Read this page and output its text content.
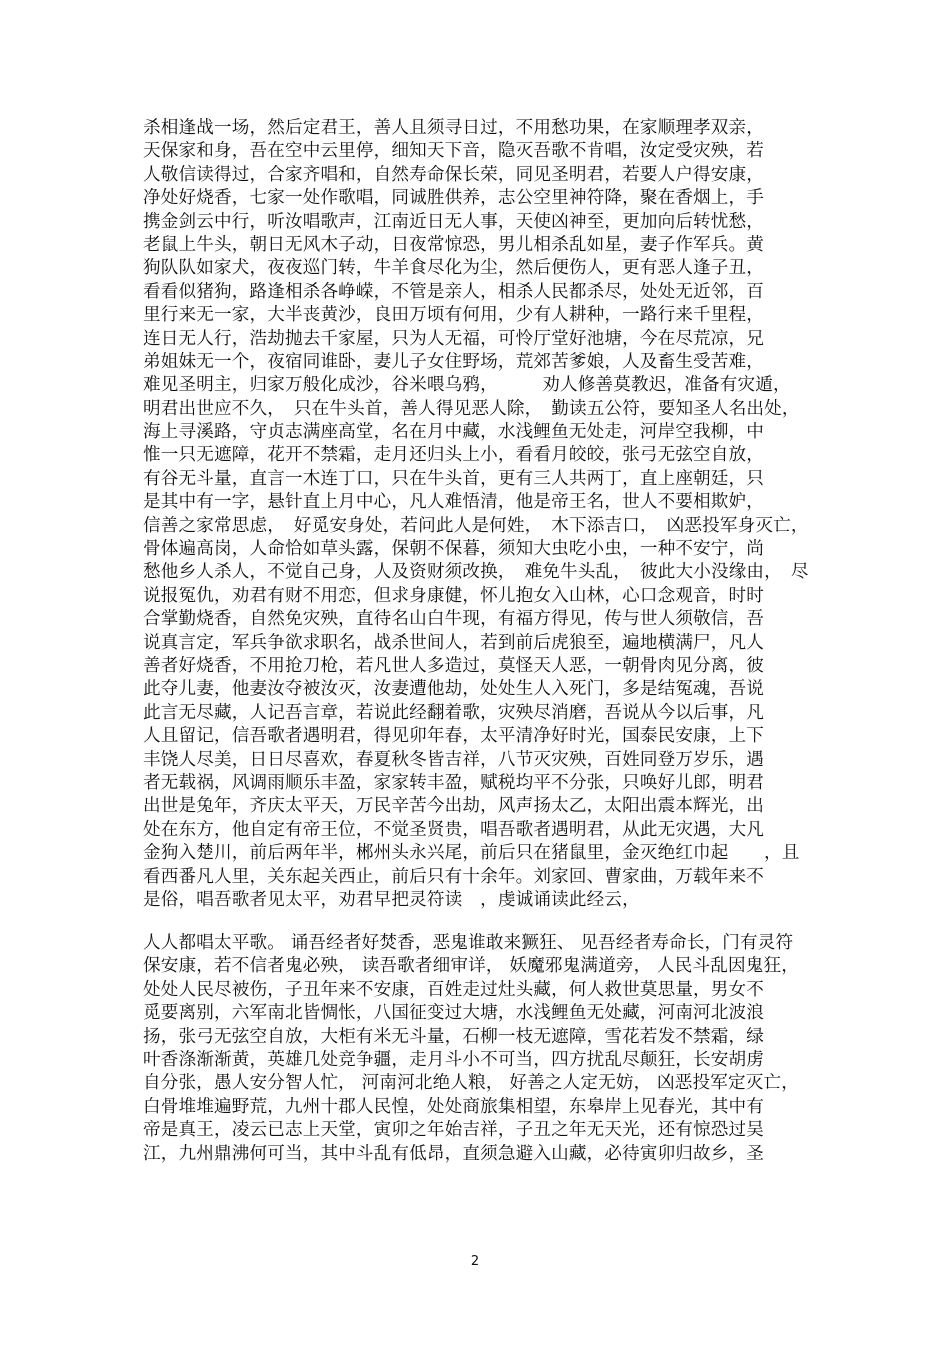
杀相逢战一场，然后定君王，善人且须寻日过，不用愁功果，在家顺理孝双亲，
天保家和身，吾在空中云里停，细知天下音，隐灭吾歌不肯唱，汝定受灾殃，若
人敬信读得过，合家齐唱和，自然寿命保长荣，同见圣明君，若要人户得安康，
净处好烧香，七家一处作歌唱，同诚胜供养，志公空里神符降，聚在香烟上，手
携金剑云中行，听汝唱歌声，江南近日无人事，天使凶神至，更加向后转忧愁，
老鼠上牛头，朝日无风木子动，日夜常惊恐，男儿相杀乱如星，妻子作军兵。黄
狗队队如家犬，夜夜巡门转，牛羊食尽化为尘，然后便伤人，更有恶人逢子丑，
看看似猪狗，路逢相杀各峥嵘，不管是亲人，相杀人民都杀尽，处处无近邻，百
里行来无一家，大半丧黄沙，良田万顷有何用，少有人耕种，一路行来千里程，
连日无人行，浩劫抛去千家屋，只为人无福，可怜厅堂好池塘，今在尽荒凉，兄
弟姐妹无一个，夜宿同谁卧，妻儿子女住野场，荒郊苦爹娘，人及畜生受苦难，
难见圣明主，归家万般化成沙，谷米喂乌鸦，　　　劝人修善莫教迟，准备有灾遁，
明君出世应不久，　只在牛头首，善人得见恶人除，　勤读五公符，要知圣人名出处，
海上寻溪路，守贞志满座高堂，名在月中藏，水浅鲤鱼无处走，河岸空我柳，中
惟一只无遮障，花开不禁霜，走月还归头上小，看看月皎皎，张弓无弦空自放，
有谷无斗量，直言一木连丁口，只在牛头首，更有三人共两丁，直上座朝廷，只
是其中有一字，悬针直上月中心，凡人难悟清，他是帝王名，世人不要相欺妒，
信善之家常思虑，　好觅安身处，若问此人是何姓，　木下添吉口，　凶恶投军身灭亡，
骨体遍高岗，人命恰如草头露，保朝不保暮，须知大虫吃小虫，一种不安宁，尚
愁他乡人杀人，不觉自己身，人及资财须改换，　难免牛头乱，　彼此大小没缘由，　尽
说报冤仇，劝君有财不用恋，但求身康健，怀儿抱女入山林，心口念观音，时时
合掌勤烧香，自然免灾殃，直待名山白牛现，有福方得见，传与世人须敬信，吾
说真言定，军兵争欲求职名，战杀世间人，若到前后虎狼至，遍地横满尸，凡人
善者好烧香，不用抢刀枪，若凡世人多造过，莫怪天人恶，一朝骨肉见分离，彼
此夺儿妻，他妻汝夺被汝灭，汝妻遭他劫，处处生人入死门，多是结冤魂，吾说
此言无尽藏，人记吾言章，若说此经翻着歌，灾殃尽消磨，吾说从今以后事，凡
人且留记，信吾歌者遇明君，得见卯年春，太平清净好时光，国泰民安康，上下
丰饶人尽美，日日尽喜欢，春夏秋冬皆吉祥，八节灭灾殃，百姓同登万岁乐，遇
者无载祸，风调雨顺乐丰盈，家家转丰盈，赋税均平不分张，只唤好儿郎，明君
出世是兔年，齐庆太平天，万民辛苦今出劫，风声扬太乙，太阳出震本辉光，出
处在东方，他自定有帝王位，不觉圣贤贵，唱吾歌者遇明君，从此无灾遇，大凡
金狗入楚川，前后两年半，郴州头永兴尾，前后只在猪鼠里，金灭绝红巾起　　，且
看西番凡人里，关东起关西止，前后只有十余年。刘家回、曹家曲，万载年来不
是俗，唱吾歌者见太平，劝君早把灵符读　，虔诚诵读此经云，
人人都唱太平歌。 诵吾经者好焚香，恶鬼谁敢来獗狂、 见吾经者寿命长，门有灵符
保安康，若不信者鬼必殃， 读吾歌者细审详， 妖魔邪鬼满道旁， 人民斗乱因鬼狂，
处处人民尽被伤，子丑年来不安康，百姓走过灶头藏，何人救世莫思量，男女不
觅要离别，六军南北皆惆怅，八国征变过大塘，水浅鲤鱼无处藏，河南河北波浪
扬，张弓无弦空自放，大柜有米无斗量，石柳一枝无遮障，雪花若发不禁霜，绿
叶香涤渐渐黄，英雄几处竞争疆，走月斗小不可当，四方扰乱尽颠狂，长安胡虏
自分张，愚人安分智人忙， 河南河北绝人粮， 好善之人定无妨， 凶恶投军定灭亡，
白骨堆堆遍野荒，九州十郡人民惶，处处商旅集相望，东皋岸上见春光，其中有
帝是真王，凌云已志上天堂，寅卯之年始吉祥，子丑之年无天光，还有惊恐过吴
江，九州鼎沸何可当，其中斗乱有低昂，直须急避入山藏，必待寅卯归故乡，圣
2
